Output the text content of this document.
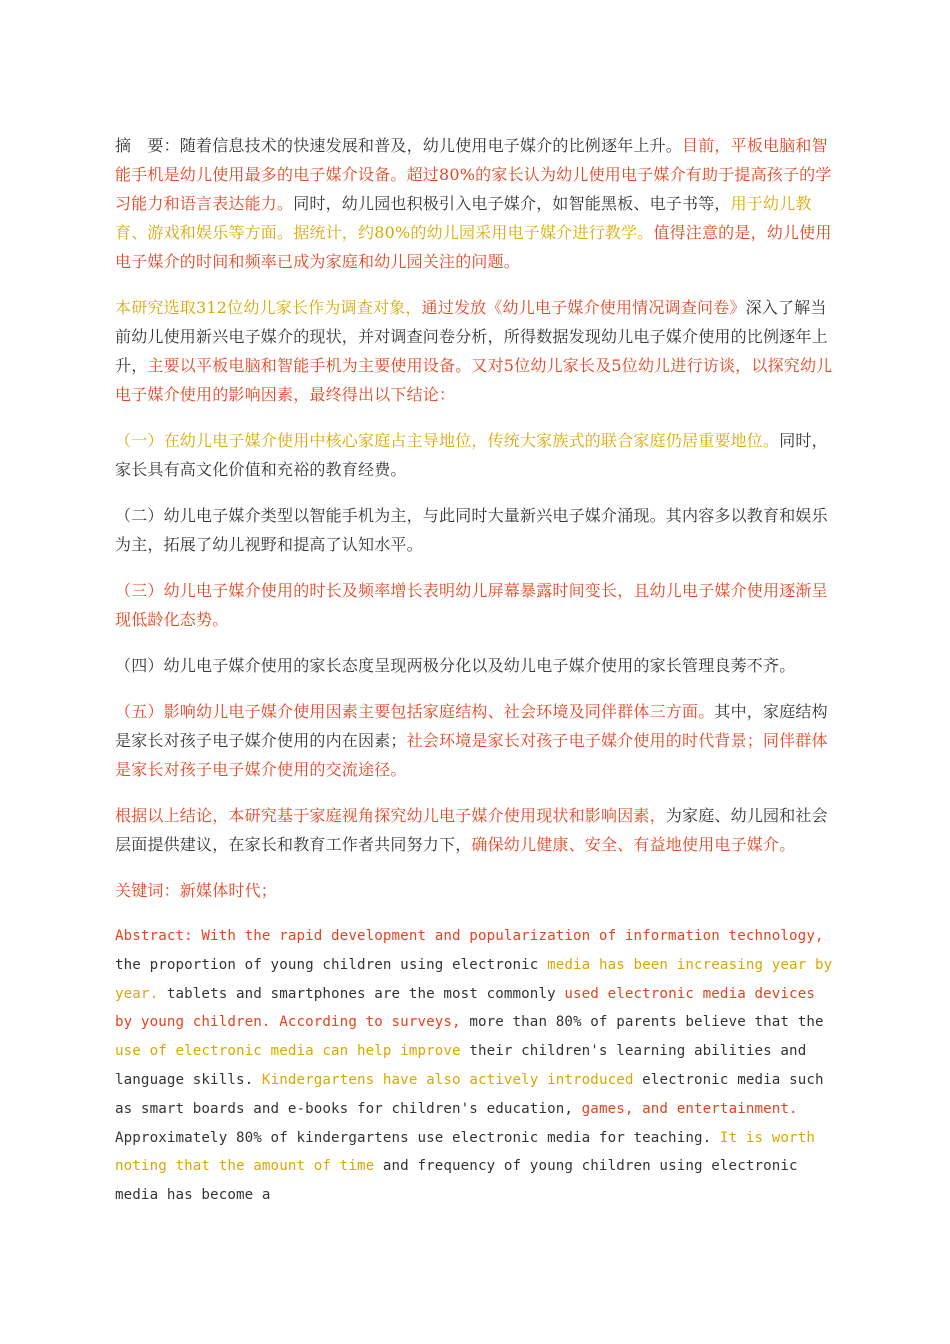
摘　要：随着信息技术的快速发展和普及，幼儿使用电子媒介的比例逐年上升。目前，平板电脑和智能手机是幼儿使用最多的电子媒介设备。超过80%的家长认为幼儿使用电子媒介有助于提高孩子的学习能力和语言表达能力。同时，幼儿园也积极引入电子媒介，如智能黑板、电子书等，用于幼儿教育、游戏和娱乐等方面。据统计，约80%的幼儿园采用电子媒介进行教学。值得注意的是，幼儿使用电子媒介的时间和频率已成为家庭和幼儿园关注的问题。

本研究选取312位幼儿家长作为调查对象，通过发放《幼儿电子媒介使用情况调查问卷》深入了解当前幼儿使用新兴电子媒介的现状，并对调查问卷分析，所得数据发现幼儿电子媒介使用的比例逐年上升，主要以平板电脑和智能手机为主要使用设备。又对5位幼儿家长及5位幼儿进行访谈，以探究幼儿电子媒介使用的影响因素，最终得出以下结论：

（一）在幼儿电子媒介使用中核心家庭占主导地位，传统大家族式的联合家庭仍居重要地位。同时，家长具有高文化价值和充裕的教育经费。

（二）幼儿电子媒介类型以智能手机为主，与此同时大量新兴电子媒介涌现。其内容多以教育和娱乐为主，拓展了幼儿视野和提高了认知水平。

（三）幼儿电子媒介使用的时长及频率增长表明幼儿屏幕暴露时间变长，且幼儿电子媒介使用逐渐呈现低龄化态势。

（四）幼儿电子媒介使用的家长态度呈现两极分化以及幼儿电子媒介使用的家长管理良莠不齐。

（五）影响幼儿电子媒介使用因素主要包括家庭结构、社会环境及同伴群体三方面。其中，家庭结构是家长对孩子电子媒介使用的内在因素；社会环境是家长对孩子电子媒介使用的时代背景；同伴群体是家长对孩子电子媒介使用的交流途径。

根据以上结论，本研究基于家庭视角探究幼儿电子媒介使用现状和影响因素，为家庭、幼儿园和社会层面提供建议，在家长和教育工作者共同努力下，确保幼儿健康、安全、有益地使用电子媒介。

关键词：新媒体时代；

Abstract: With the rapid development and popularization of information technology, the proportion of young children using electronic media has been increasing year by year. tablets and smartphones are the most commonly used electronic media devices by young children. According to surveys, more than 80% of parents believe that the use of electronic media can help improve their children's learning abilities and language skills. Kindergartens have also actively introduced electronic media such as smart boards and e-books for children's education, games, and entertainment. Approximately 80% of kindergartens use electronic media for teaching. It is worth noting that the amount of time and frequency of young children using electronic media has become a
